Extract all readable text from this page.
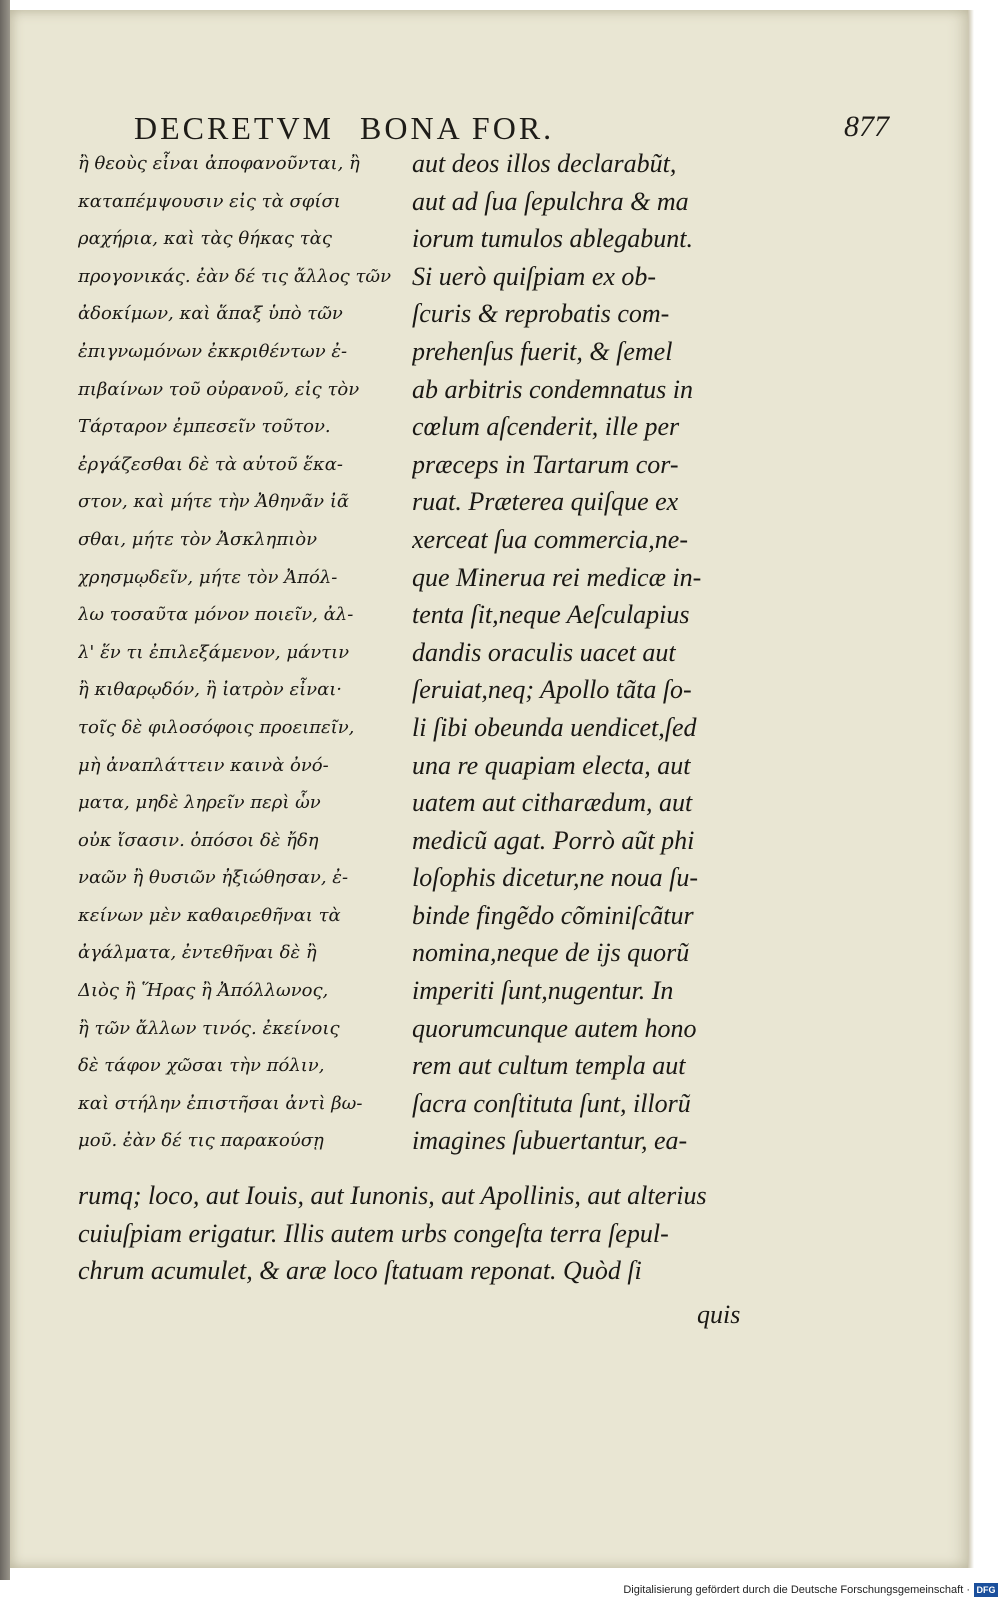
DECRETVM BONA FOR.	877
ἢ θεοὺς εἶναι ἀποφανοῦνται, ἢ
καταπέμψουσιν εἰς τὰ σφίσι
ραχήρια, καὶ τὰς θήκας τὰς
προγονικάς. ἐὰν δέ τις ἄλλος τῶν
ἀδοκίμων, καὶ ἅπαξ ὑπὸ τῶν
ἐπιγνωμόνων ἐκκριθέντων ἐ-
πιβαίνων τοῦ οὐρανοῦ, εἰς τὸν
Τάρταρον ἐμπεσεῖν τοῦτον.
ἐργάζεσθαι δὲ τὰ αὑτοῦ ἕκα-
στον, καὶ μήτε τὴν Ἀθηνᾶν ἰᾶ
σθαι, μήτε τὸν Ἀσκληπιὸν
χρησμῳδεῖν, μήτε τὸν Ἀπόλ-
λω τοσαῦτα μόνον ποιεῖν, ἀλ-
λ' ἕν τι ἐπιλεξάμενον, μάντιν
ἢ κιθαρῳδόν, ἢ ἰατρὸν εἶναι·
τοῖς δὲ φιλοσόφοις προειπεῖν,
μὴ ἀναπλάττειν καινὰ ὀνό-
ματα, μηδὲ ληρεῖν περὶ ὧν
οὐκ ἴσασιν. ὁπόσοι δὲ ἤδη
ναῶν ἢ θυσιῶν ἠξιώθησαν, ἐ-
κείνων μὲν καθαιρεθῆναι τὰ
ἀγάλματα, ἐντεθῆναι δὲ ἢ
Διὸς ἢ Ἥρας ἢ Ἀπόλλωνος,
ἢ τῶν ἄλλων τινός. ἐκείνοις
δὲ τάφον χῶσαι τὴν πόλιν,
καὶ στήλην ἐπιστῆσαι ἀντὶ βω-
μοῦ. ἐὰν δέ τις παρακούσῃ
aut deos illos declarabũt,
aut ad ſua ſepulchra & ma
iorum tumulos ablegabunt.
Si uerò quiſpiam ex ob-
ſcuris & reprobatis com-
prehenſus fuerit, & ſemel
ab arbitris condemnatus in
cœlum aſcenderit, ille per
præceps in Tartarum cor-
ruat. Præterea quiſque ex
xerceat ſua commercia,ne-
que Minerua rei medicæ in-
tenta ſit,neque Aeſculapius
dandis oraculis uacet aut
ſeruiat,neq; Apollo tãta ſo-
li ſibi obeunda uendicet,ſed
una re quapiam electa, aut
uatem aut citharædum, aut
medicũ agat. Porrò aũt phi
loſophis dicetur,ne noua ſu-
binde fingẽdo cõminiſcãtur
nomina,neque de ijs quorũ
imperiti ſunt,nugentur. In
quorumcunque autem hono
rem aut cultum templa aut
ſacra conſtituta ſunt, illorũ
imagines ſubuertantur, ea-
rumq; loco, aut Iouis, aut Iunonis, aut Apollinis, aut alterius
cuiuſpiam erigatur. Illis autem urbs congeſta terra ſepul-
chrum acumulet, & aræ loco ſtatuam reponat. Quòd ſi
quis
Digitalisierung gefördert durch die Deutsche Forschungsgemeinschaft · DFG
